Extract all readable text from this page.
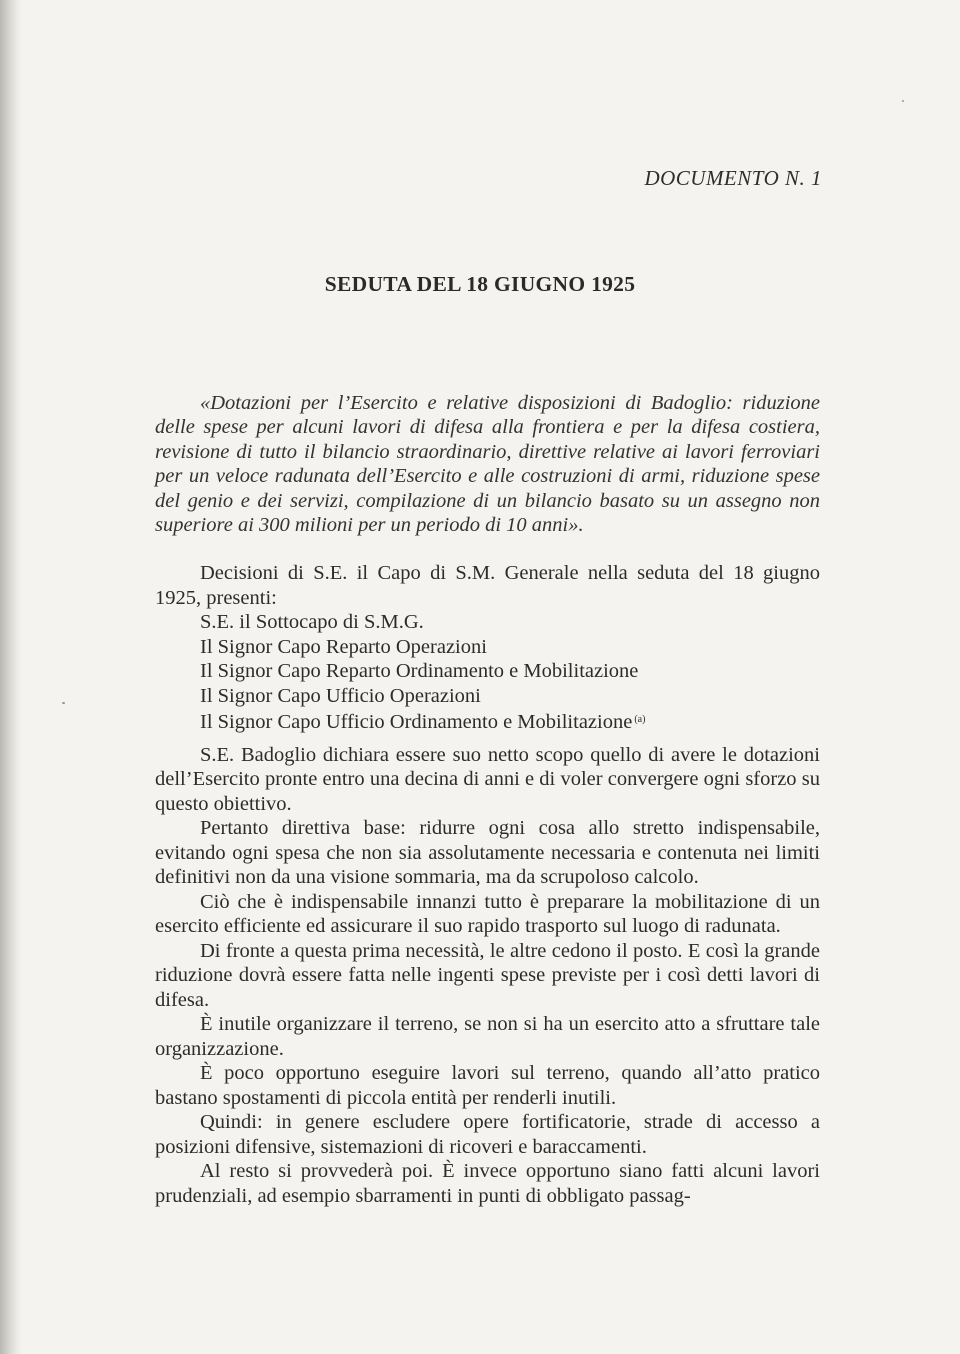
DOCUMENTO N. 1
SEDUTA DEL 18 GIUGNO 1925

«Dotazioni per l’Esercito e relative disposizioni di Badoglio: riduzione delle spese per alcuni lavori di difesa alla frontiera e per la difesa costiera, revisione di tutto il bilancio straordinario, direttive relative ai lavori ferroviari per un veloce radunata dell’Esercito e alle costruzioni di armi, riduzione spese del genio e dei servizi, compilazione di un bilancio basato su un assegno non superiore ai 300 milioni per un periodo di 10 anni».

Decisioni di S.E. il Capo di S.M. Generale nella seduta del 18 giugno 1925, presenti:

S.E. il Sottocapo di S.M.G.
Il Signor Capo Reparto Operazioni
Il Signor Capo Reparto Ordinamento e Mobilitazione
Il Signor Capo Ufficio Operazioni
Il Signor Capo Ufficio Ordinamento e Mobilitazione $^{(a)}$

S.E. Badoglio dichiara essere suo netto scopo quello di avere le dotazioni dell’Esercito pronte entro una decina di anni e di voler convergere ogni sforzo su questo obiettivo.

Pertanto direttiva base: ridurre ogni cosa allo stretto indispensabile, evitando ogni spesa che non sia assolutamente necessaria e contenuta nei limiti definitivi non da una visione sommaria, ma da scrupoloso calcolo.

Ciò che è indispensabile innanzi tutto è preparare la mobilitazione di un esercito efficiente ed assicurare il suo rapido trasporto sul luogo di radunata.

Di fronte a questa prima necessità, le altre cedono il posto. E così la grande riduzione dovrà essere fatta nelle ingenti spese previste per i così detti lavori di difesa.

È inutile organizzare il terreno, se non si ha un esercito atto a sfruttare tale organizzazione.

È poco opportuno eseguire lavori sul terreno, quando all’atto pratico bastano spostamenti di piccola entità per renderli inutili.

Quindi: in genere escludere opere fortificatorie, strade di accesso a posizioni difensive, sistemazioni di ricoveri e baraccamenti.

Al resto si provvederà poi. È invece opportuno siano fatti alcuni lavori prudenziali, ad esempio sbarramenti in punti di obbligato passag-
